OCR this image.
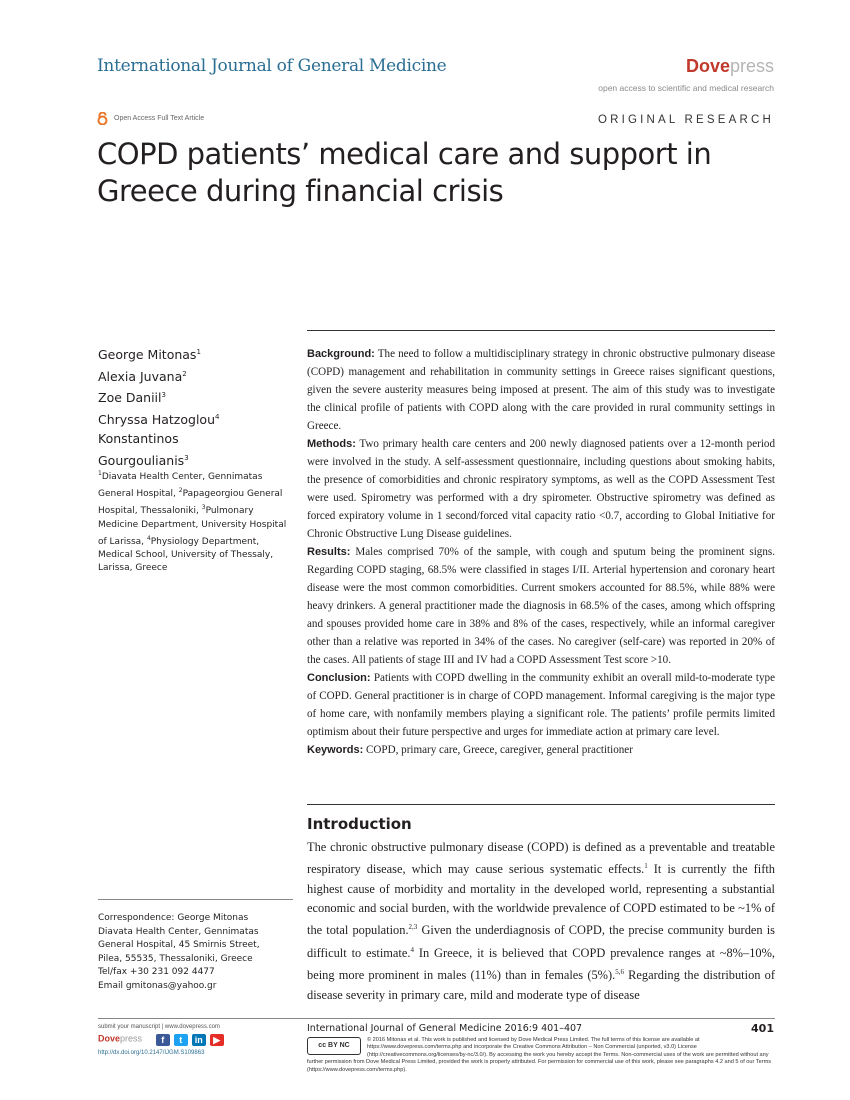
International Journal of General Medicine	Dovepress
open access to scientific and medical research
Open Access Full Text Article	ORIGINAL RESEARCH
COPD patients’ medical care and support in Greece during financial crisis
George Mitonas$^1$
Alexia Juvana$^2$
Zoe Daniil$^3$
Chryssa Hatzoglou$^4$
Konstantinos
Gourgoulianis$^3$
$^1$Diavata Health Center, Gennimatas General Hospital, $^2$Papageorgiou General Hospital, Thessaloniki, $^3$Pulmonary Medicine Department, University Hospital of Larissa, $^4$Physiology Department, Medical School, University of Thessaly, Larissa, Greece
Correspondence: George Mitonas
Diavata Health Center, Gennimatas
General Hospital, 45 Smirnis Street,
Pilea, 55535, Thessaloniki, Greece
Tel/fax +30 231 092 4477
Email gmitonas@yahoo.gr

Background: The need to follow a multidisciplinary strategy in chronic obstructive pulmonary disease (COPD) management and rehabilitation in community settings in Greece raises significant questions, given the severe austerity measures being imposed at present. The aim of this study was to investigate the clinical profile of patients with COPD along with the care provided in rural community settings in Greece.

Methods: Two primary health care centers and 200 newly diagnosed patients over a 12-month period were involved in the study. A self-assessment questionnaire, including questions about smoking habits, the presence of comorbidities and chronic respiratory symptoms, as well as the COPD Assessment Test were used. Spirometry was performed with a dry spirometer. Obstructive spirometry was defined as forced expiratory volume in 1 second/forced vital capacity ratio <0.7, according to Global Initiative for Chronic Obstructive Lung Disease guidelines.

Results: Males comprised 70% of the sample, with cough and sputum being the prominent signs. Regarding COPD staging, 68.5% were classified in stages I/II. Arterial hypertension and coronary heart disease were the most common comorbidities. Current smokers accounted for 88.5%, while 88% were heavy drinkers. A general practitioner made the diagnosis in 68.5% of the cases, among which offspring and spouses provided home care in 38% and 8% of the cases, respectively, while an informal caregiver other than a relative was reported in 34% of the cases. No caregiver (self-care) was reported in 20% of the cases. All patients of stage III and IV had a COPD Assessment Test score >10.

Conclusion: Patients with COPD dwelling in the community exhibit an overall mild-to-moderate type of COPD. General practitioner is in charge of COPD management. Informal caregiving is the major type of home care, with nonfamily members playing a significant role. The patients’ profile permits limited optimism about their future perspective and urges for immediate action at primary care level.

Keywords: COPD, primary care, Greece, caregiver, general practitioner

Introduction
The chronic obstructive pulmonary disease (COPD) is defined as a preventable and treatable respiratory disease, which may cause serious systematic effects.$^1$ It is currently the fifth highest cause of morbidity and mortality in the developed world, representing a substantial economic and social burden, with the worldwide prevalence of COPD estimated to be ~1% of the total population.$^{2,3}$ Given the underdiagnosis of COPD, the precise community burden is difficult to estimate.$^4$ In Greece, it is believed that COPD prevalence ranges at ~8%–10%, being more prominent in males (11%) than in females (5%).$^{5,6}$ Regarding the distribution of disease severity in primary care, mild and moderate type of disease
submit your manuscript | www.dovepress.com
Dovepress	f	t	in	▶
http://dx.doi.org/10.2147/IJGM.S109863
International Journal of General Medicine 2016:9 401–407	401
cc BY NC
© 2016 Mitonas et al. This work is published and licensed by Dove Medical Press Limited. The full terms of this license are available at https://www.dovepress.com/terms.php and incorporate the Creative Commons Attribution – Non Commercial (unported, v3.0) License (http://creativecommons.org/licenses/by-nc/3.0/). By accessing the work you hereby accept the Terms. Non-commercial uses of the work are permitted without any further permission from Dove Medical Press Limited, provided the work is properly attributed. For permission for commercial use of this work, please see paragraphs 4.2 and 5 of our Terms (https://www.dovepress.com/terms.php).
